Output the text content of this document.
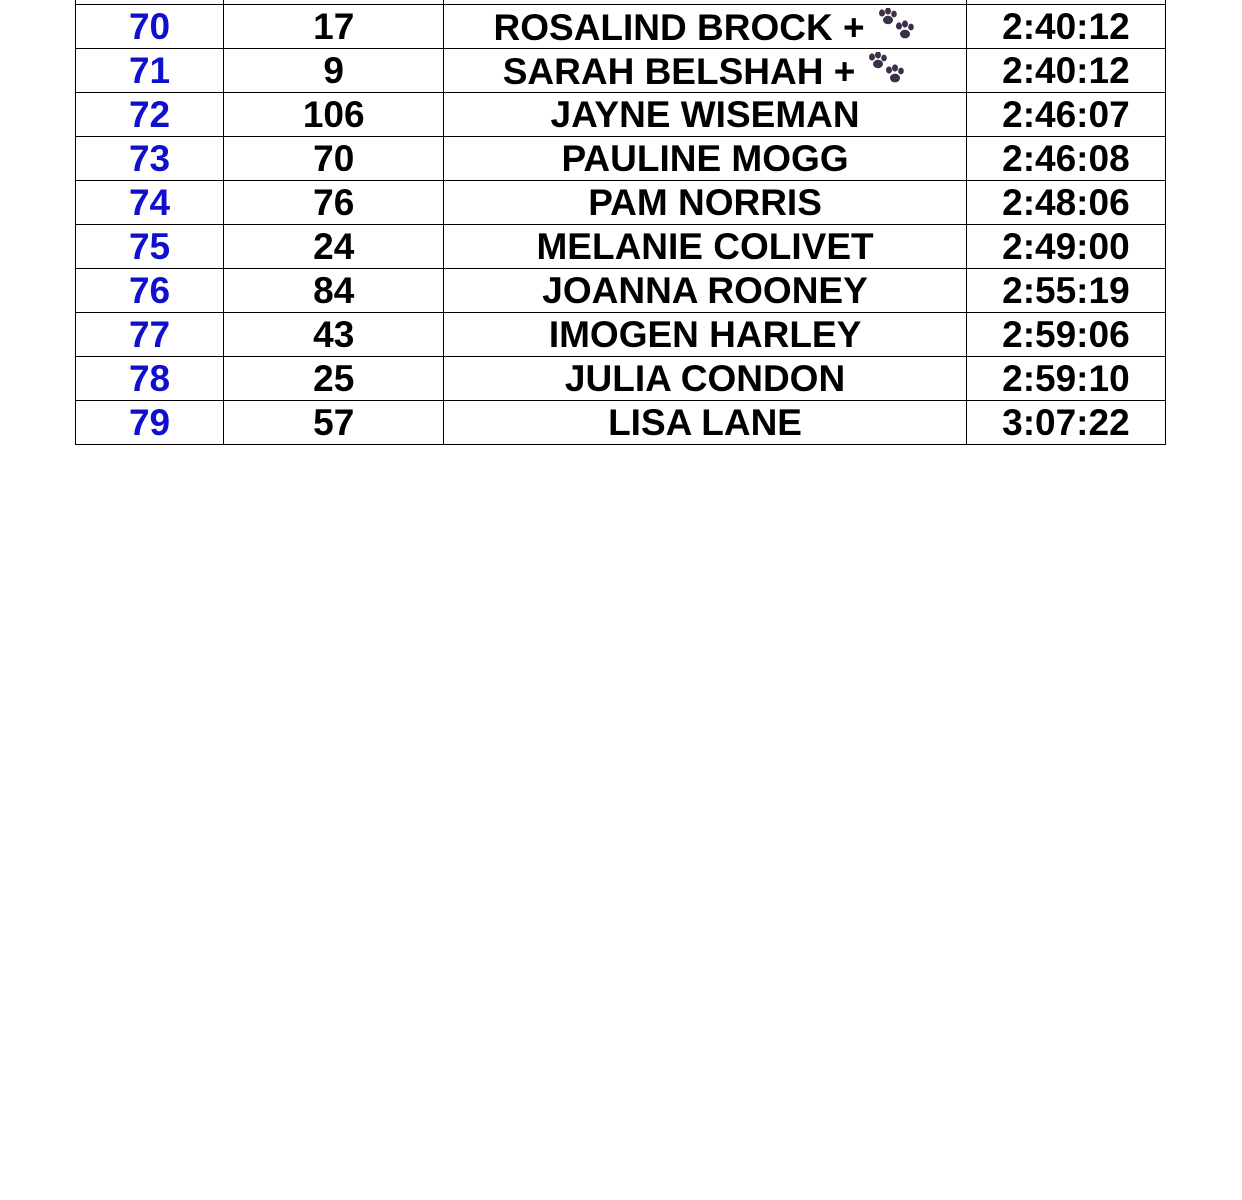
70	17	ROSALIND BROCK +	2:40:12
71	9	SARAH BELSHAH +	2:40:12
72	106	JAYNE WISEMAN	2:46:07
73	70	PAULINE MOGG	2:46:08
74	76	PAM NORRIS	2:48:06
75	24	MELANIE COLIVET	2:49:00
76	84	JOANNA ROONEY	2:55:19
77	43	IMOGEN HARLEY	2:59:06
78	25	JULIA CONDON	2:59:10
79	57	LISA LANE	3:07:22
